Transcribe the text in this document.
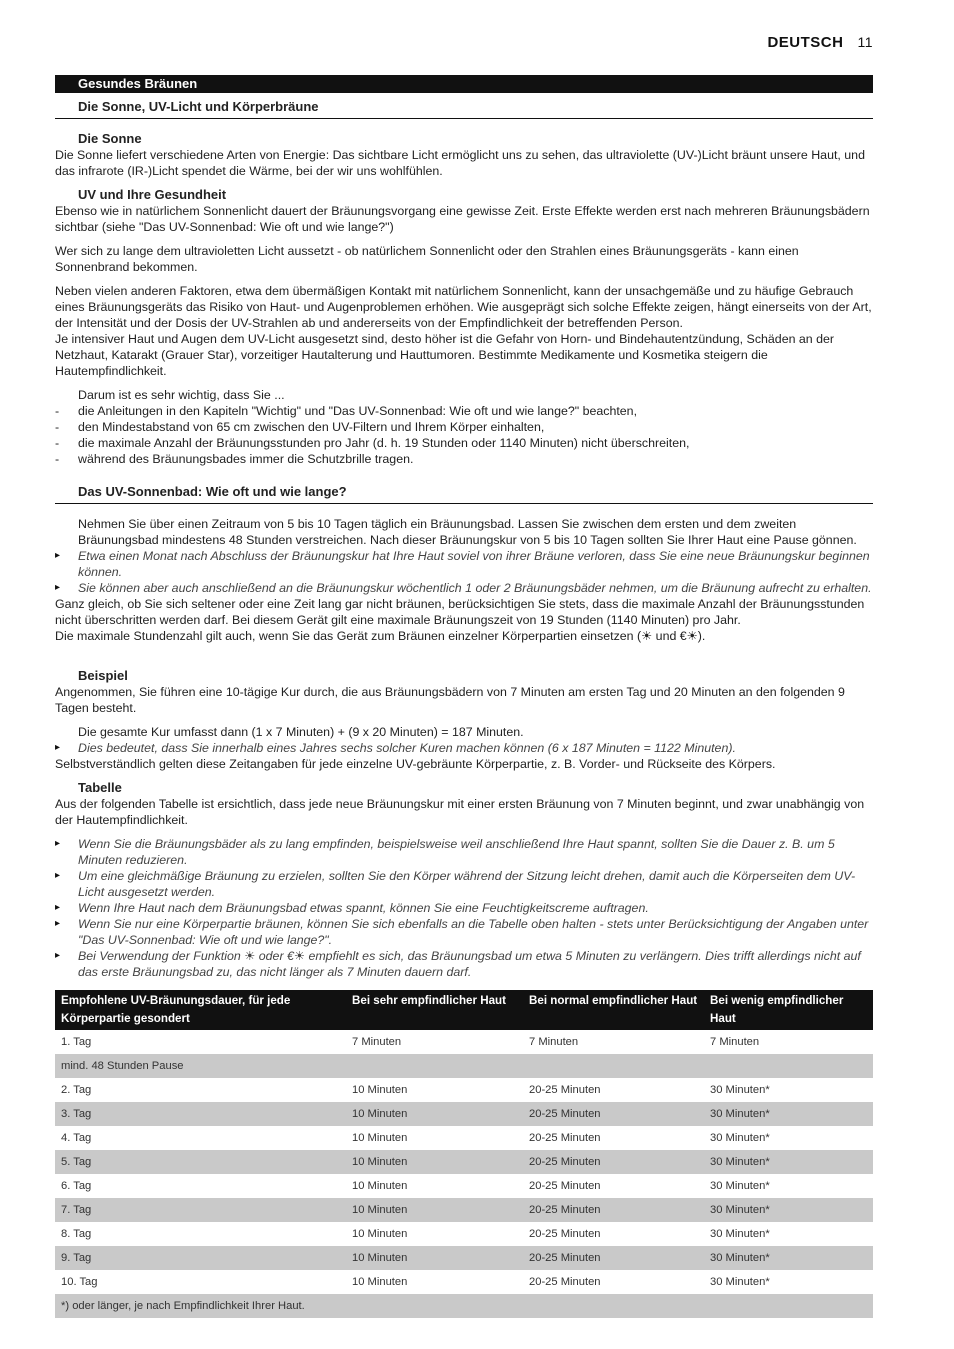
DEUTSCH 11
Gesundes Bräunen
Die Sonne, UV-Licht und Körperbräune
Die Sonne

Die Sonne liefert verschiedene Arten von Energie: Das sichtbare Licht ermöglicht uns zu sehen, das ultraviolette (UV-)Licht bräunt unsere Haut, und das infrarote (IR-)Licht spendet die Wärme, bei der wir uns wohlfühlen.

UV und Ihre Gesundheit

Ebenso wie in natürlichem Sonnenlicht dauert der Bräunungsvorgang eine gewisse Zeit. Erste Effekte werden erst nach mehreren Bräunungsbädern sichtbar (siehe "Das UV-Sonnenbad: Wie oft und wie lange?")

Wer sich zu lange dem ultravioletten Licht aussetzt - ob natürlichem Sonnenlicht oder den Strahlen eines Bräunungsgeräts - kann einen Sonnenbrand bekommen.

Neben vielen anderen Faktoren, etwa dem übermäßigen Kontakt mit natürlichem Sonnenlicht, kann der unsachgemäße und zu häufige Gebrauch eines Bräunungsgeräts das Risiko von Haut- und Augenproblemen erhöhen. Wie ausgeprägt sich solche Effekte zeigen, hängt einerseits von der Art, der Intensität und der Dosis der UV-Strahlen ab und andererseits von der Empfindlichkeit der betreffenden Person.

Je intensiver Haut und Augen dem UV-Licht ausgesetzt sind, desto höher ist die Gefahr von Horn- und Bindehautentzündung, Schäden an der Netzhaut, Katarakt (Grauer Star), vorzeitiger Hautalterung und Hauttumoren. Bestimmte Medikamente und Kosmetika steigern die Hautempfindlichkeit.

Darum ist es sehr wichtig, dass Sie ...

- die Anleitungen in den Kapiteln "Wichtig" und "Das UV-Sonnenbad: Wie oft und wie lange?" beachten,
- den Mindestabstand von 65 cm zwischen den UV-Filtern und Ihrem Körper einhalten,
- die maximale Anzahl der Bräunungsstunden pro Jahr (d. h. 19 Stunden oder 1140 Minuten) nicht überschreiten,
- während des Bräunungsbades immer die Schutzbrille tragen.
Das UV-Sonnenbad: Wie oft und wie lange?

Nehmen Sie über einen Zeitraum von 5 bis 10 Tagen täglich ein Bräunungsbad. Lassen Sie zwischen dem ersten und dem zweiten Bräunungsbad mindestens 48 Stunden verstreichen. Nach dieser Bräunungskur von 5 bis 10 Tagen sollten Sie Ihrer Haut eine Pause gönnen.

▸ Etwa einen Monat nach Abschluss der Bräunungskur hat Ihre Haut soviel von ihrer Bräune verloren, dass Sie eine neue Bräunungskur beginnen können.
▸ Sie können aber auch anschließend an die Bräunungskur wöchentlich 1 oder 2 Bräunungsbäder nehmen, um die Bräunung aufrecht zu erhalten.

Ganz gleich, ob Sie sich seltener oder eine Zeit lang gar nicht bräunen, berücksichtigen Sie stets, dass die maximale Anzahl der Bräunungsstunden nicht überschritten werden darf. Bei diesem Gerät gilt eine maximale Bräunungszeit von 19 Stunden (1140 Minuten) pro Jahr.

Die maximale Stundenzahl gilt auch, wenn Sie das Gerät zum Bräunen einzelner Körperpartien einsetzen (☀ und €☀).

Beispiel

Angenommen, Sie führen eine 10-tägige Kur durch, die aus Bräunungsbädern von 7 Minuten am ersten Tag und 20 Minuten an den folgenden 9 Tagen besteht.

Die gesamte Kur umfasst dann (1 x 7 Minuten) + (9 x 20 Minuten) = 187 Minuten.

▸ Dies bedeutet, dass Sie innerhalb eines Jahres sechs solcher Kuren machen können (6 x 187 Minuten = 1122 Minuten).

Selbstverständlich gelten diese Zeitangaben für jede einzelne UV-gebräunte Körperpartie, z. B. Vorder- und Rückseite des Körpers.

Tabelle

Aus der folgenden Tabelle ist ersichtlich, dass jede neue Bräunungskur mit einer ersten Bräunung von 7 Minuten beginnt, und zwar unabhängig von der Hautempfindlichkeit.

▸ Wenn Sie die Bräunungsbäder als zu lang empfinden, beispielsweise weil anschließend Ihre Haut spannt, sollten Sie die Dauer z. B. um 5 Minuten reduzieren.
▸ Um eine gleichmäßige Bräunung zu erzielen, sollten Sie den Körper während der Sitzung leicht drehen, damit auch die Körperseiten dem UV-Licht ausgesetzt werden.
▸ Wenn Ihre Haut nach dem Bräunungsbad etwas spannt, können Sie eine Feuchtigkeitscreme auftragen.
▸ Wenn Sie nur eine Körperpartie bräunen, können Sie sich ebenfalls an die Tabelle oben halten - stets unter Berücksichtigung der Angaben unter "Das UV-Sonnenbad: Wie oft und wie lange?".
▸ Bei Verwendung der Funktion ☀ oder €☀ empfiehlt es sich, das Bräunungsbad um etwa 5 Minuten zu verlängern. Dies trifft allerdings nicht auf das erste Bräunungsbad zu, das nicht länger als 7 Minuten dauern darf.
Empfohlene UV-Bräunungsdauer, für jede Körperpartie gesondert	Bei sehr empfindlicher Haut	Bei normal empfindlicher Haut	Bei wenig empfindlicher Haut
1. Tag	7 Minuten	7 Minuten	7 Minuten
mind. 48 Stunden Pause			
2. Tag	10 Minuten	20-25 Minuten	30 Minuten*
3. Tag	10 Minuten	20-25 Minuten	30 Minuten*
4. Tag	10 Minuten	20-25 Minuten	30 Minuten*
5. Tag	10 Minuten	20-25 Minuten	30 Minuten*
6. Tag	10 Minuten	20-25 Minuten	30 Minuten*
7. Tag	10 Minuten	20-25 Minuten	30 Minuten*
8. Tag	10 Minuten	20-25 Minuten	30 Minuten*
9. Tag	10 Minuten	20-25 Minuten	30 Minuten*
10. Tag	10 Minuten	20-25 Minuten	30 Minuten*
*) oder länger, je nach Empfindlichkeit Ihrer Haut.			
